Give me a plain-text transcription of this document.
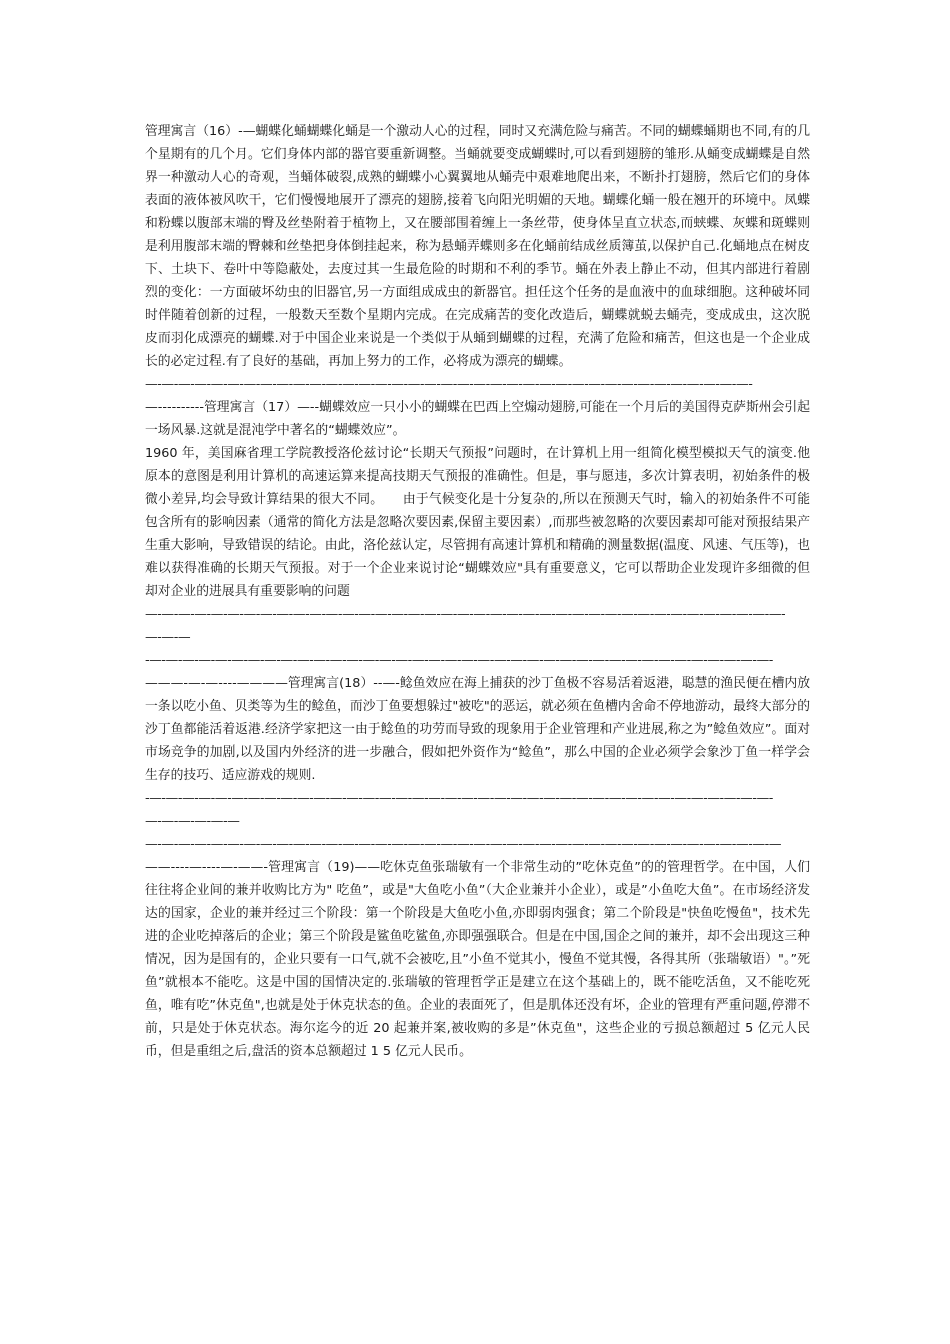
管理寓言（16）-—蝴蝶化蛹蝴蝶化蛹是一个激动人心的过程，同时又充满危险与痛苦。不同的蝴蝶蛹期也不同,有的几个星期有的几个月。它们身体内部的器官要重新调整。当蛹就要变成蝴蝶时,可以看到翅膀的雏形.从蛹变成蝴蝶是自然界一种激动人心的奇观，当蛹体破裂,成熟的蝴蝶小心翼翼地从蛹壳中艰难地爬出来，不断扑打翅膀，然后它们的身体表面的液体被风吹干，它们慢慢地展开了漂亮的翅膀,接着飞向阳光明媚的天地。蝴蝶化蛹一般在翘开的环境中。凤蝶和粉蝶以腹部末端的臀及丝垫附着于植物上，又在腰部围着缠上一条丝带，使身体呈直立状态,而蛱蝶、灰蝶和斑蝶则是利用腹部末端的臀棘和丝垫把身体倒挂起来，称为悬蛹弄蝶则多在化蛹前结成丝质簿茧,以保护自己.化蛹地点在树皮下、土块下、卷叶中等隐蔽处，去度过其一生最危险的时期和不利的季节。蛹在外表上静止不动，但其内部进行着剧烈的变化：一方面破坏幼虫的旧器官,另一方面组成成虫的新器官。担任这个任务的是血液中的血球细胞。这种破坏同时伴随着创新的过程，一般数天至数个星期内完成。在完成痛苦的变化改造后，蝴蝶就蜕去蛹壳，变成成虫，这次脱皮而羽化成漂亮的蝴蝶.对于中国企业来说是一个类似于从蛹到蝴蝶的过程，充满了危险和痛苦，但这也是一个企业成长的必定过程.有了良好的基础，再加上努力的工作，必将成为漂亮的蝴蝶。

—-—-—-—-—-—-—-—-—-—-—-—-—-—-—-—-—-—-—-—-—-—-—-—-—-—-—-—-—-—-—-—-—-—-—-—-—-

—----------管理寓言（17）—--蝴蝶效应一只小小的蝴蝶在巴西上空煽动翅膀,可能在一个月后的美国得克萨斯州会引起一场风暴.这就是混沌学中著名的“蝴蝶效应”。

1960 年，美国麻省理工学院教授洛伦兹讨论“长期天气预报”问题时，在计算机上用一组简化模型模拟天气的演变.他原本的意图是利用计算机的高速运算来提高技期天气预报的准确性。但是，事与愿违，多次计算表明，初始条件的极微小差异,均会导致计算结果的很大不同。　　由于气候变化是十分复杂的,所以在预测天气时，输入的初始条件不可能包含所有的影响因素（通常的简化方法是忽略次要因素,保留主要因素）,而那些被忽略的次要因素却可能对预报结果产生重大影响，导致错误的结论。由此，洛伦兹认定，尽管拥有高速计算机和精确的测量数据(温度、风速、气压等)，也难以获得准确的长期天气预报。对于一个企业来说讨论“蝴蝶效应"具有重要意义，它可以帮助企业发现许多细微的但却对企业的进展具有重要影响的问题

—-—-—-—-—-—-—-—-—-—-—-—-—-—-—-—-—-—-—-—-—-—-—-—-—-—-—-—-—-—-—-—-—-—-—-—-—-—-—-

—-—-—

-—-—-—-—-—-—-—-—-—-—-—-—-—-—-—-—-—-—-—-—-—-—-—-—-—-—-—-—-—-—-—-—-—-—-—-—-—-—-

———-—-—----————管理寓言(18）--—-鲶鱼效应在海上捕获的沙丁鱼极不容易活着返港，聪慧的渔民便在槽内放一条以吃小鱼、贝类等为生的鲶鱼，而沙丁鱼要想躲过"被吃"的恶运，就必须在鱼槽内舍命不停地游动，最终大部分的沙丁鱼都能活着返港.经济学家把这一由于鲶鱼的功劳而导致的现象用于企业管理和产业进展,称之为”鲶鱼效应”。面对市场竞争的加剧,以及国内外经济的进一步融合，假如把外资作为“鲶鱼”，那么中国的企业必须学会象沙丁鱼一样学会生存的技巧、适应游戏的规则.

-—-—-—-—-—-—-—-—-—-—-—-—-—-—-—-—-—-—-—-—-—-—-—-—-—-—-—-—-—-—-—-—-—-—-—-—-—-—-

—-—-—-—-—-—

—-—-—-—-—-—-—-—-—-—-—-—-—-—-—-—-—-—-—-—-—-—-—-—-—-—-—-—-—-—-—-—-—-—-—-—-—-—-—

——----—----—-——-管理寓言（19)——吃休克鱼张瑞敏有一个非常生动的”吃休克鱼”的的管理哲学。在中国，人们往往将企业间的兼并收购比方为" 吃鱼”，或是"大鱼吃小鱼”（大企业兼并小企业），或是”小鱼吃大鱼”。在市场经济发达的国家，企业的兼并经过三个阶段：第一个阶段是大鱼吃小鱼,亦即弱肉强食；第二个阶段是"快鱼吃慢鱼"，技术先进的企业吃掉落后的企业；第三个阶段是鲨鱼吃鲨鱼,亦即强强联合。但是在中国,国企之间的兼并，却不会出现这三种情况，因为是国有的，企业只要有一口气,就不会被吃,且”小鱼不觉其小，慢鱼不觉其慢，各得其所（张瑞敏语）"。”死鱼”就根本不能吃。这是中国的国情决定的.张瑞敏的管理哲学正是建立在这个基础上的，既不能吃活鱼，又不能吃死鱼，唯有吃”休克鱼",也就是处于休克状态的鱼。企业的表面死了，但是肌体还没有坏，企业的管理有严重问题,停滞不前，只是处于休克状态。海尔迄今的近 20 起兼并案,被收购的多是”休克鱼"，这些企业的亏损总额超过 5 亿元人民币，但是重组之后,盘活的资本总额超过 1 5 亿元人民币。
